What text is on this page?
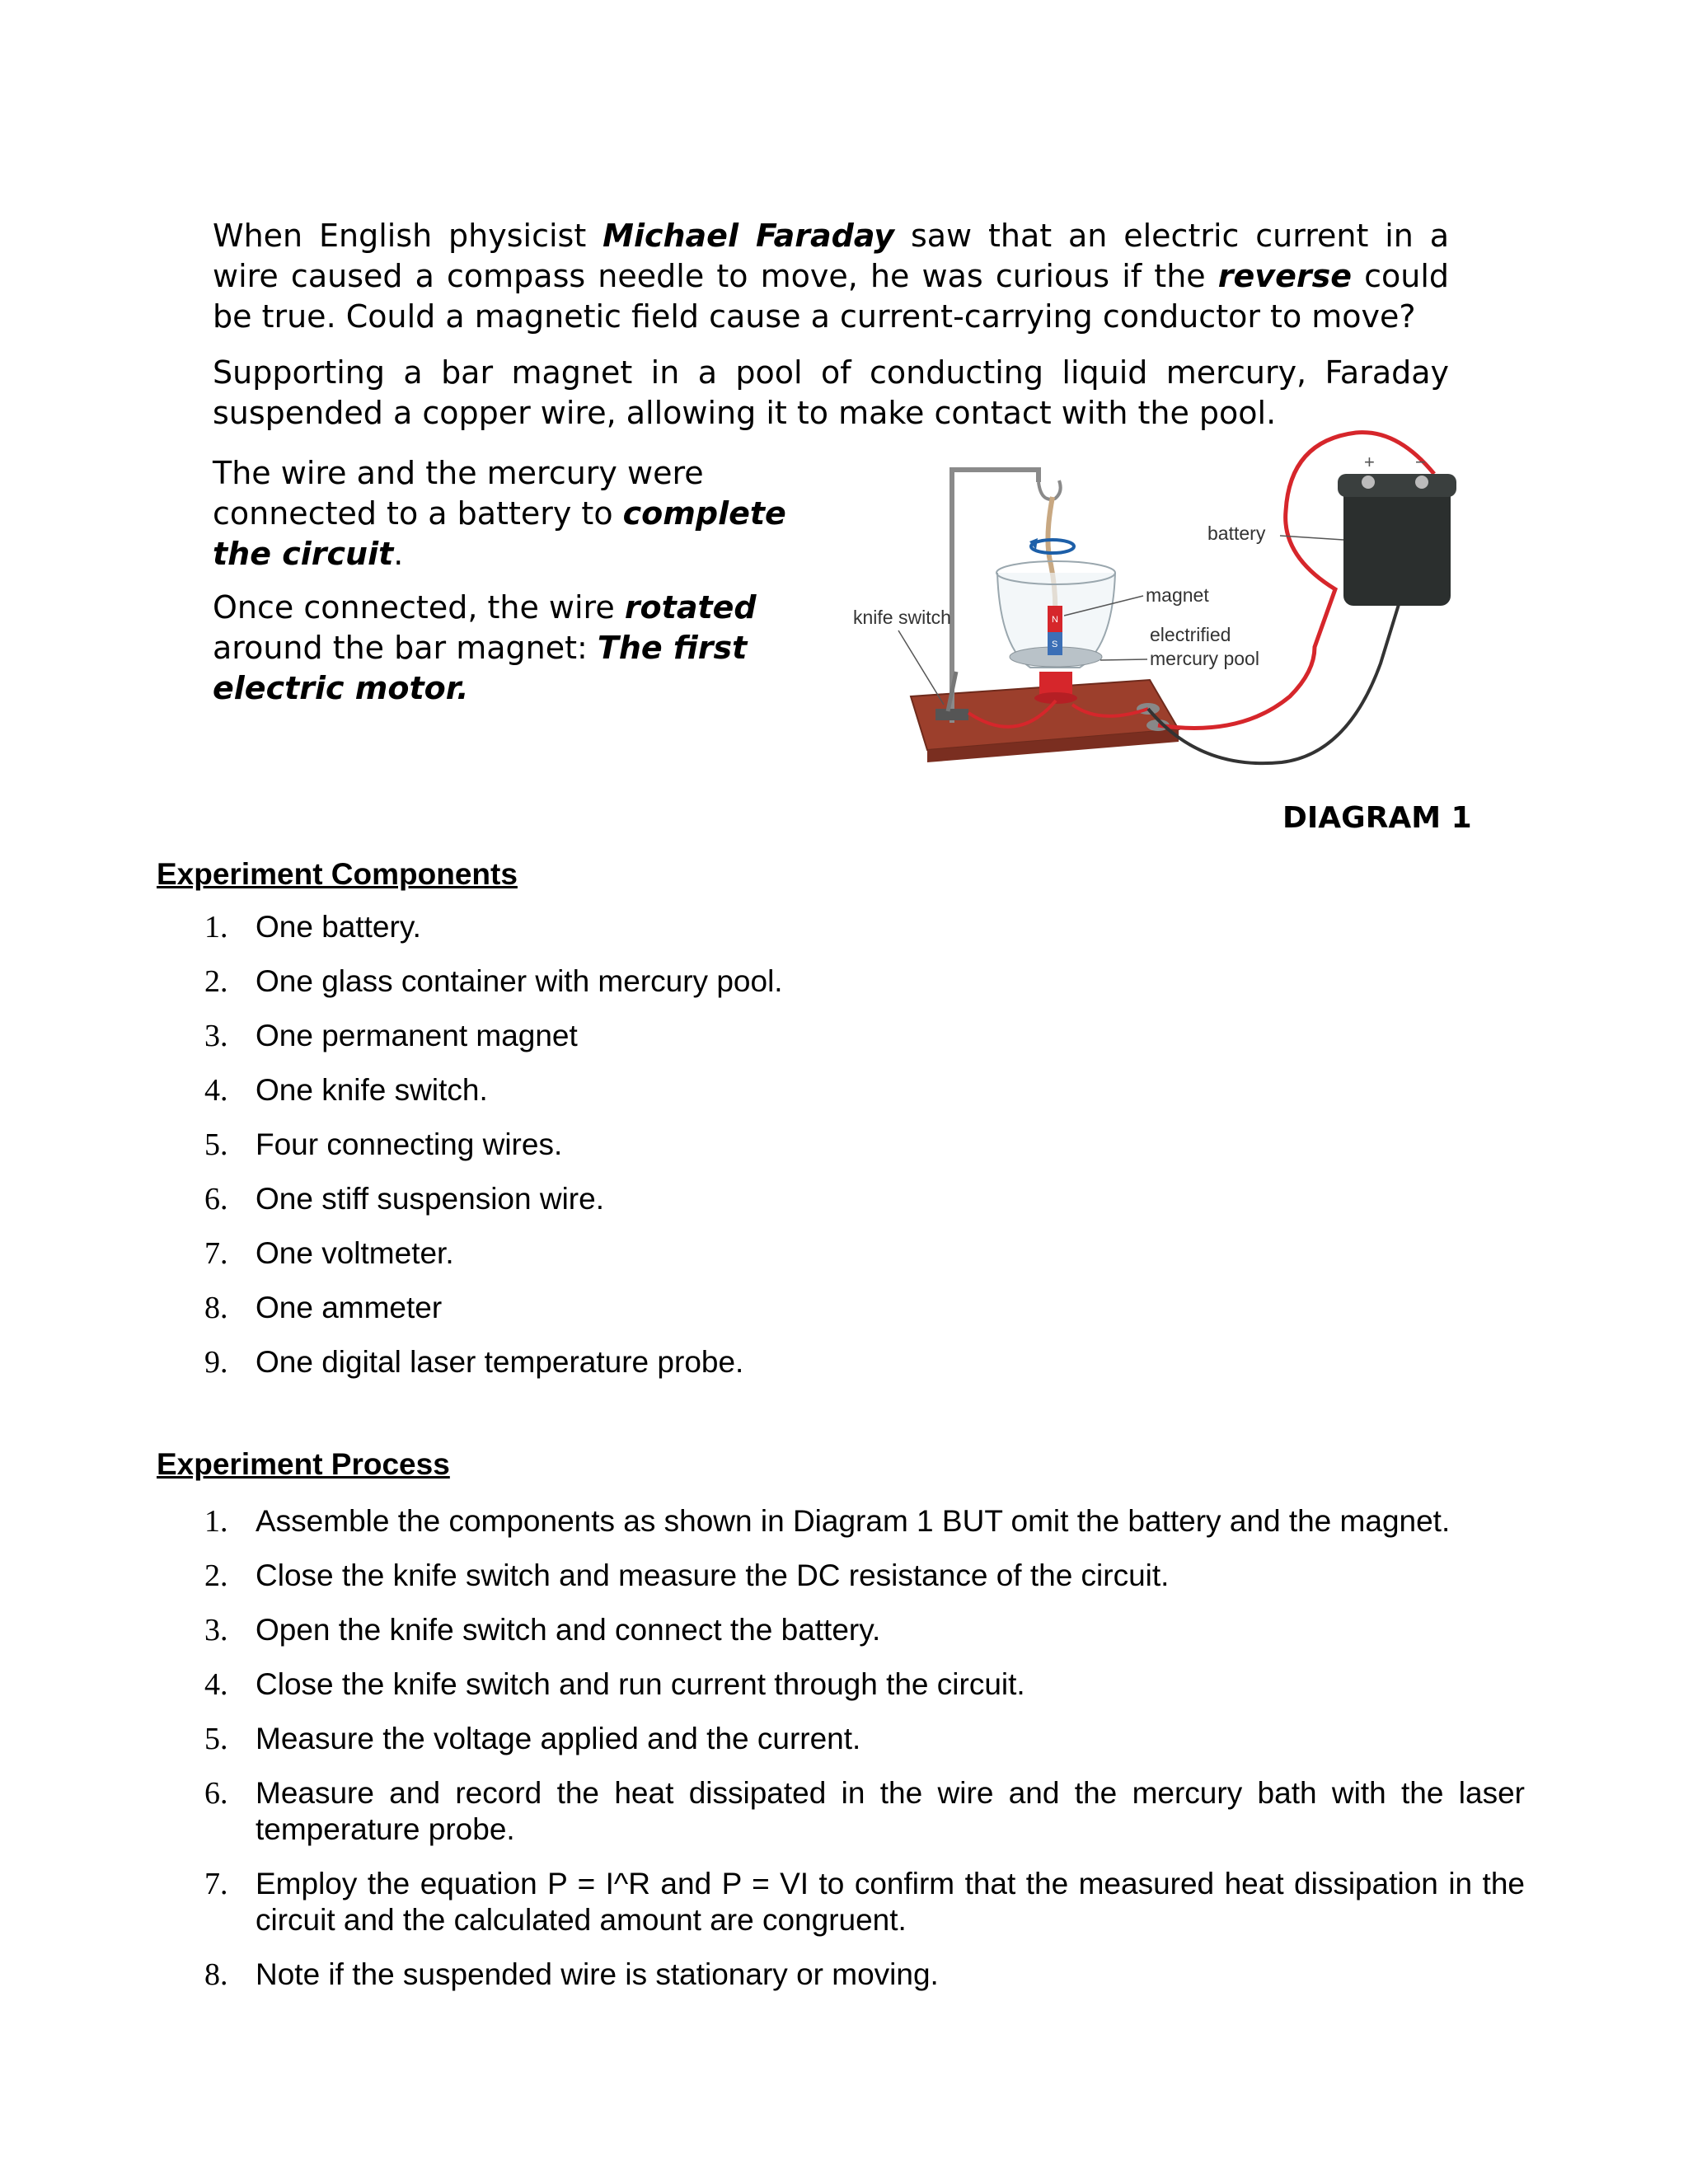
When English physicist Michael Faraday saw that an electric current in a wire caused a compass needle to move, he was curious if the reverse could be true. Could a magnetic field cause a current-carrying conductor to move?

Supporting a bar magnet in a pool of conducting liquid mercury, Faraday suspended a copper wire, allowing it to make contact with the pool.

The wire and the mercury were connected to a battery to complete the circuit.

Once connected, the wire rotated around the bar magnet: The first electric motor.

N
S
+ −
battery
magnet
electrified
mercury pool
knife switch
DIAGRAM 1
Experiment Components
1. One battery.
2. One glass container with mercury pool.
3. One permanent magnet
4. One knife switch.
5. Four connecting wires.
6. One stiff suspension wire.
7. One voltmeter.
8. One ammeter
9. One digital laser temperature probe.
Experiment Process
1. Assemble the components as shown in Diagram 1 BUT omit the battery and the magnet.
2. Close the knife switch and measure the DC resistance of the circuit.
3. Open the knife switch and connect the battery.
4. Close the knife switch and run current through the circuit.
5. Measure the voltage applied and the current.
6. Measure and record the heat dissipated in the wire and the mercury bath with the laser temperature probe.
7. Employ the equation P = I^R and P = VI to confirm that the measured heat dissipation in the circuit and the calculated amount are congruent.
8. Note if the suspended wire is stationary or moving.
